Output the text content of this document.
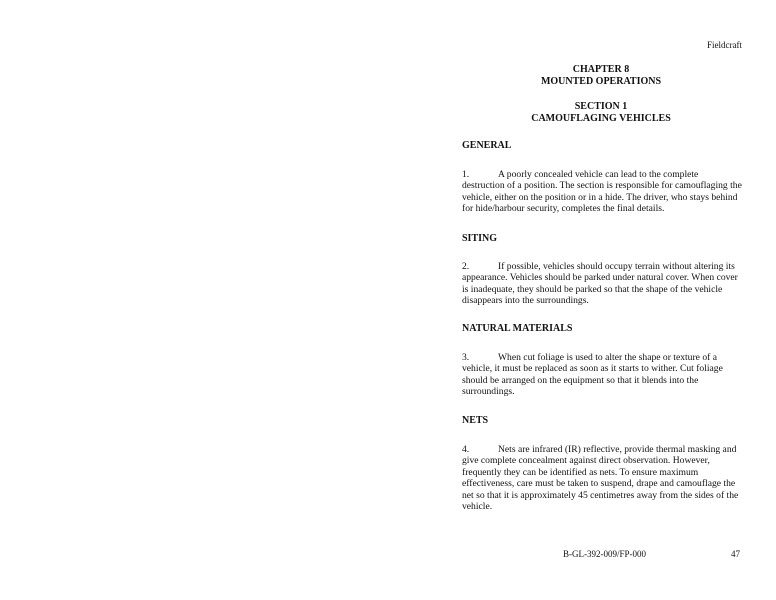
Fieldcraft
CHAPTER 8
MOUNTED OPERATIONS
SECTION 1
CAMOUFLAGING VEHICLES
GENERAL
1.	A poorly concealed vehicle can lead to the complete destruction of a position. The section is responsible for camouflaging the vehicle, either on the position or in a hide. The driver, who stays behind for hide/harbour security, completes the final details.
SITING
2.	If possible, vehicles should occupy terrain without altering its appearance. Vehicles should be parked under natural cover. When cover is inadequate, they should be parked so that the shape of the vehicle disappears into the surroundings.
NATURAL MATERIALS
3.	When cut foliage is used to alter the shape or texture of a vehicle, it must be replaced as soon as it starts to wither. Cut foliage should be arranged on the equipment so that it blends into the surroundings.
NETS
4.	Nets are infrared (IR) reflective, provide thermal masking and give complete concealment against direct observation. However, frequently they can be identified as nets. To ensure maximum effectiveness, care must be taken to suspend, drape and camouflage the net so that it is approximately 45 centimetres away from the sides of the vehicle.
B-GL-392-009/FP-000	47
